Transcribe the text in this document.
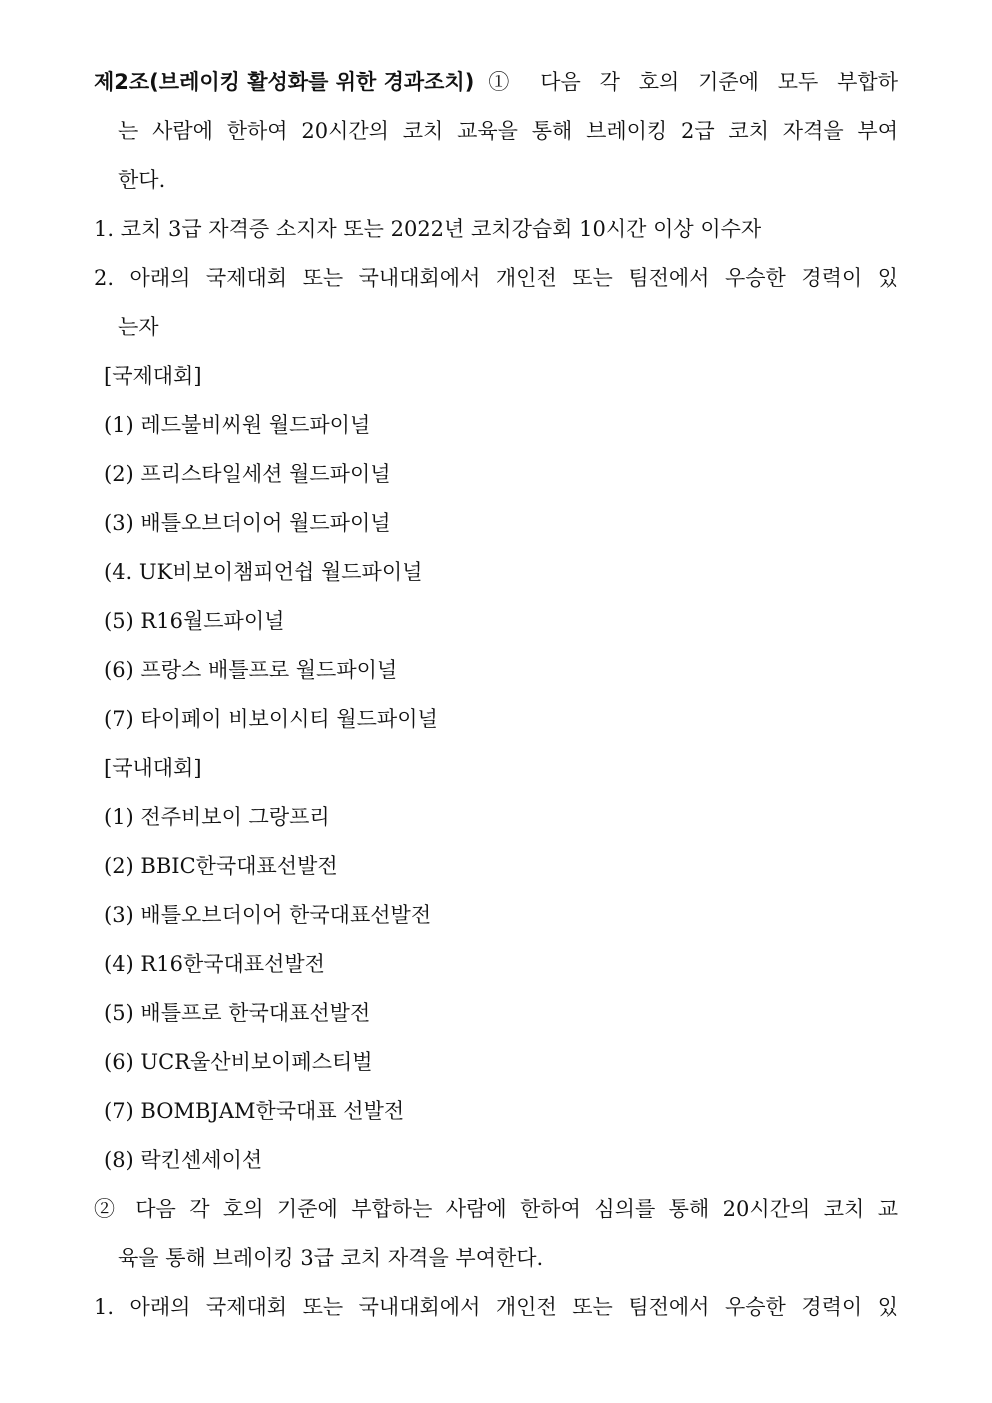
제2조(브레이킹 활성화를 위한 경과조치) ① 다음 각 호의 기준에 모두 부합하
는 사람에 한하여 20시간의 코치 교육을 통해 브레이킹 2급 코치 자격을 부여
한다.
1. 코치 3급 자격증 소지자 또는 2022년 코치강습회 10시간 이상 이수자
2. 아래의 국제대회 또는 국내대회에서 개인전 또는 팀전에서 우승한 경력이 있
는자
[국제대회]
(1) 레드불비씨원 월드파이널
(2) 프리스타일세션 월드파이널
(3) 배틀오브더이어 월드파이널
(4. UK비보이챔피언쉽 월드파이널
(5) R16월드파이널
(6) 프랑스 배틀프로 월드파이널
(7) 타이페이 비보이시티 월드파이널
[국내대회]
(1) 전주비보이 그랑프리
(2) BBIC한국대표선발전
(3) 배틀오브더이어 한국대표선발전
(4) R16한국대표선발전
(5) 배틀프로 한국대표선발전
(6) UCR울산비보이페스티벌
(7) BOMBJAM한국대표 선발전
(8) 락킨센세이션
② 다음 각 호의 기준에 부합하는 사람에 한하여 심의를 통해 20시간의 코치 교
육을 통해 브레이킹 3급 코치 자격을 부여한다.
1. 아래의 국제대회 또는 국내대회에서 개인전 또는 팀전에서 우승한 경력이 있
